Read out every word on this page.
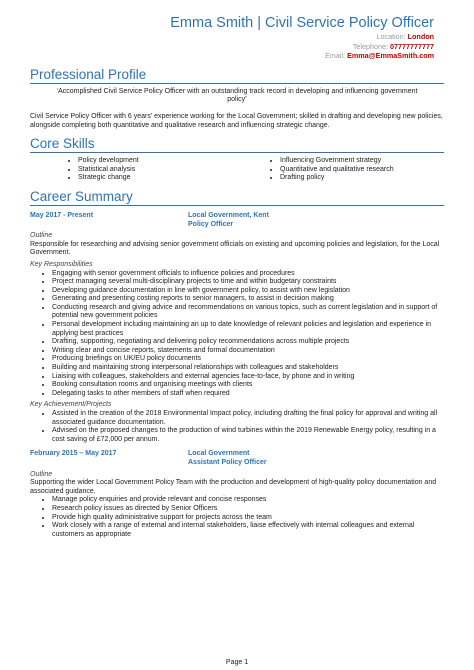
Emma Smith | Civil Service Policy Officer
Location: London
Telephone: 07777777777
Email: Emma@EmmaSmith.com
Professional Profile

‘Accomplished Civil Service Policy Officer with an outstanding track record in developing and influencing government policy’

Civil Service Policy Officer with 6 years’ experience working for the Local Government; skilled in drafting and developing new policies, alongside completing both quantitative and qualitative research and influencing strategic change.

Core Skills
• Policy development
• Statistical analysis
• Strategic change
• Influencing Government strategy
• Quantitative and qualitative research
• Drafting policy
Career Summary
May 2017 - Present	Local Government, Kent
Policy Officer
Outline

Responsible for researching and advising senior government officials on existing and upcoming policies and legislation, for the Local Government.

Key Responsibilities
• Engaging with senior government officials to influence policies and procedures
• Project managing several multi-disciplinary projects to time and within budgetary constraints
• Developing guidance documentation in line with government policy, to assist with new legislation
• Generating and presenting costing reports to senior managers, to assist in decision making
• Conducting research and giving advice and recommendations on various topics, such as current legislation and in support of potential new government policies
• Personal development including maintaining an up to date knowledge of relevant policies and legislation and experience in applying best practices
• Drafting, supporting, negotiating and delivering policy recommendations across multiple projects
• Writing clear and concise reports, statements and formal documentation
• Producing briefings on UK/EU policy documents
• Building and maintaining strong interpersonal relationships with colleagues and stakeholders
• Liaising with colleagues, stakeholders and external agencies face-to-face, by phone and in writing
• Booking consultation rooms and organising meetings with clients
• Delegating tasks to other members of staff when required
Key Achievement/Projects
• Assisted in the creation of the 2018 Environmental Impact policy, including drafting the final policy for approval and writing all associated guidance documentation.
• Advised on the proposed changes to the production of wind turbines within the 2019 Renewable Energy policy, resulting in a cost saving of £72,000 per annum.
February 2015 – May 2017	Local Government
Assistant Policy Officer
Outline

Supporting the wider Local Government Policy Team with the production and development of high-quality policy documentation and associated guidance.

• Manage policy enquiries and provide relevant and concise responses
• Research policy issues as directed by Senior Officers
• Provide high quality administrative support for projects across the team
• Work closely with a range of external and internal stakeholders, liaise effectively with internal colleagues and external customers as appropriate
Page 1
